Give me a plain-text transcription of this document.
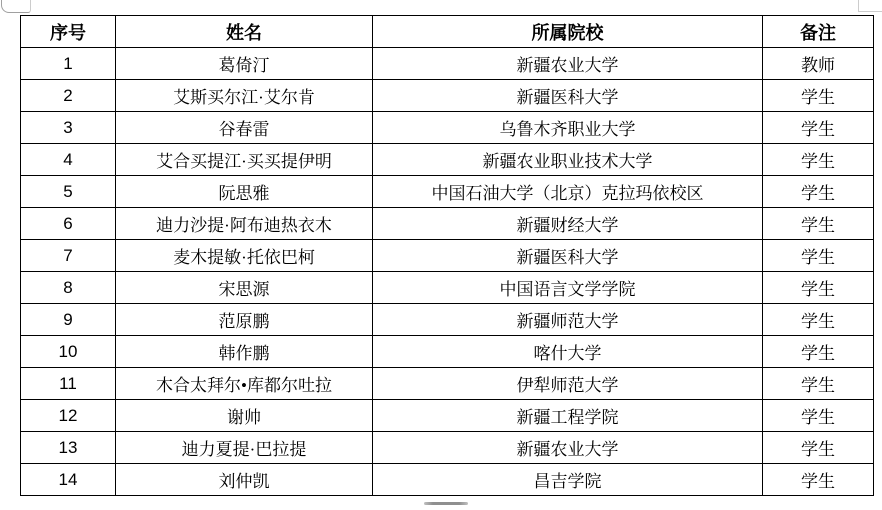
序号	姓名	所属院校	备注
1	葛倚汀	新疆农业大学	教师
2	艾斯买尔江·艾尔肯	新疆医科大学	学生
3	谷春雷	乌鲁木齐职业大学	学生
4	艾合买提江·买买提伊明	新疆农业职业技术大学	学生
5	阮思雅	中国石油大学（北京）克拉玛依校区	学生
6	迪力沙提·阿布迪热衣木	新疆财经大学	学生
7	麦木提敏·托依巴柯	新疆医科大学	学生
8	宋思源	中国语言文学学院	学生
9	范原鹏	新疆师范大学	学生
10	韩作鹏	喀什大学	学生
11	木合太拜尔•库都尔吐拉	伊犁师范大学	学生
12	谢帅	新疆工程学院	学生
13	迪力夏提·巴拉提	新疆农业大学	学生
14	刘仲凯	昌吉学院	学生
